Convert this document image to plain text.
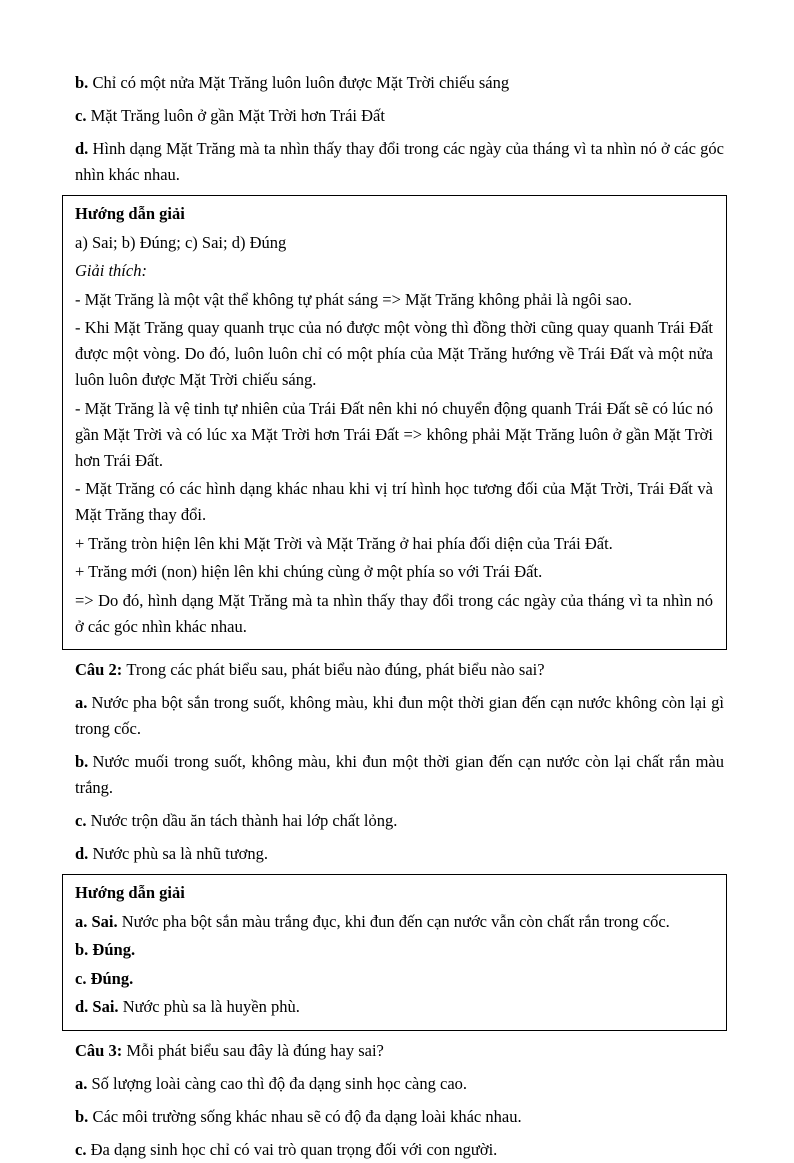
b. Chỉ có một nửa Mặt Trăng luôn luôn được Mặt Trời chiếu sáng

c. Mặt Trăng luôn ở gần Mặt Trời hơn Trái Đất

d. Hình dạng Mặt Trăng mà ta nhìn thấy thay đổi trong các ngày của tháng vì ta nhìn nó ở các góc nhìn khác nhau.

Hướng dẫn giải

a) Sai; b) Đúng; c) Sai; d) Đúng

Giải thích:

- Mặt Trăng là một vật thể không tự phát sáng => Mặt Trăng không phải là ngôi sao.

- Khi Mặt Trăng quay quanh trục của nó được một vòng thì đồng thời cũng quay quanh Trái Đất được một vòng. Do đó, luôn luôn chỉ có một phía của Mặt Trăng hướng về Trái Đất và một nửa luôn luôn được Mặt Trời chiếu sáng.

- Mặt Trăng là vệ tinh tự nhiên của Trái Đất nên khi nó chuyển động quanh Trái Đất sẽ có lúc nó gần Mặt Trời và có lúc xa Mặt Trời hơn Trái Đất => không phải Mặt Trăng luôn ở gần Mặt Trời hơn Trái Đất.

- Mặt Trăng có các hình dạng khác nhau khi vị trí hình học tương đối của Mặt Trời, Trái Đất và Mặt Trăng thay đổi.

+ Trăng tròn hiện lên khi Mặt Trời và Mặt Trăng ở hai phía đối diện của Trái Đất.

+ Trăng mới (non) hiện lên khi chúng cùng ở một phía so với Trái Đất.

=> Do đó, hình dạng Mặt Trăng mà ta nhìn thấy thay đổi trong các ngày của tháng vì ta nhìn nó ở các góc nhìn khác nhau.

Câu 2: Trong các phát biểu sau, phát biểu nào đúng, phát biểu nào sai?

a. Nước pha bột sắn trong suốt, không màu, khi đun một thời gian đến cạn nước không còn lại gì trong cốc.

b. Nước muối trong suốt, không màu, khi đun một thời gian đến cạn nước còn lại chất rắn màu trắng.

c. Nước trộn dầu ăn tách thành hai lớp chất lỏng.

d. Nước phù sa là nhũ tương.

Hướng dẫn giải

a. Sai. Nước pha bột sắn màu trắng đục, khi đun đến cạn nước vẫn còn chất rắn trong cốc.

b. Đúng.

c. Đúng.

d. Sai. Nước phù sa là huyền phù.

Câu 3: Mỗi phát biểu sau đây là đúng hay sai?

a. Số lượng loài càng cao thì độ đa dạng sinh học càng cao.

b. Các môi trường sống khác nhau sẽ có độ đa dạng loài khác nhau.

c. Đa dạng sinh học chỉ có vai trò quan trọng đối với con người.
